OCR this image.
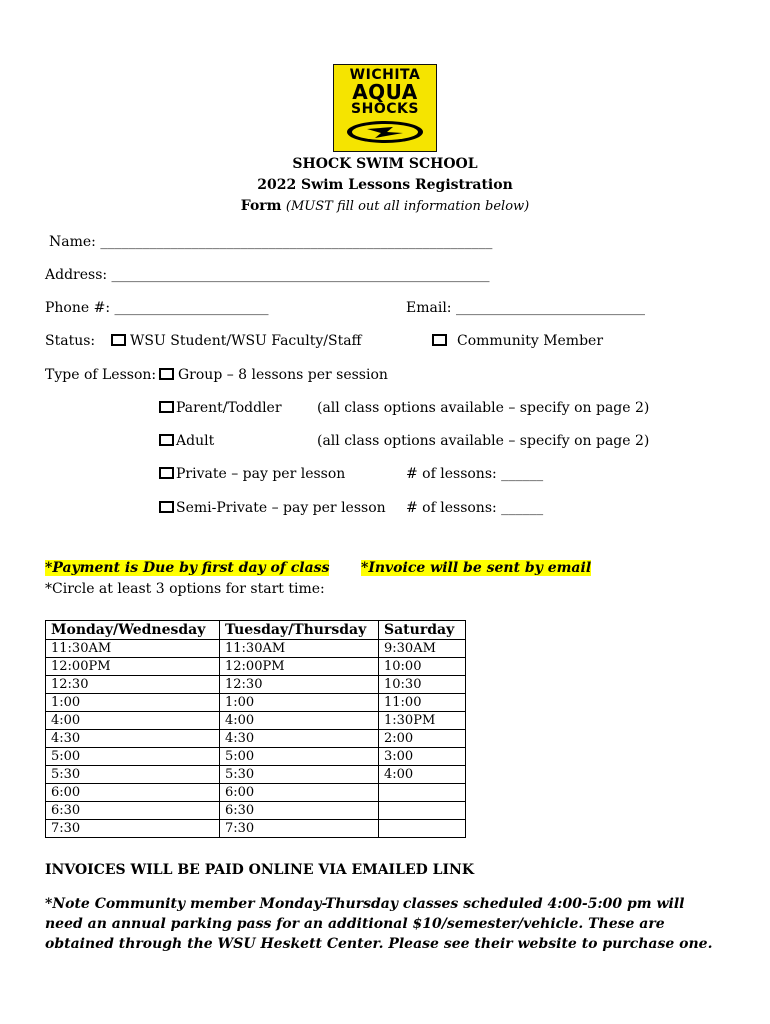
WICHITA
AQUA
SHOCKS
SHOCK SWIM SCHOOL
2022 Swim Lessons Registration
Form (MUST fill out all information below)
Name: ________________________________________________________
Address: ______________________________________________________
Phone #: ______________________	Email: ___________________________
Status:	WSU Student/WSU Faculty/Staff	Community Member
Type of Lesson:	Group – 8 lessons per session
Parent/Toddler	(all class options available – specify on page 2)
Adult	(all class options available – specify on page 2)
Private – pay per lesson	# of lessons: ______
Semi-Private – pay per lesson # of lessons: ______
*Payment is Due by first day of class *Invoice will be sent by email
*Circle at least 3 options for start time:
Monday/Wednesday	Tuesday/Thursday	Saturday
11:30AM	11:30AM	9:30AM
12:00PM	12:00PM	10:00
12:30	12:30	10:30
1:00	1:00	11:00
4:00	4:00	1:30PM
4:30	4:30	2:00
5:00	5:00	3:00
5:30	5:30	4:00
6:00	6:00	
6:30	6:30	
7:30	7:30	
INVOICES WILL BE PAID ONLINE VIA EMAILED LINK
*Note Community member Monday-Thursday classes scheduled 4:00-5:00 pm will need an annual parking pass for an additional $10/semester/vehicle. These are obtained through the WSU Heskett Center. Please see their website to purchase one.
